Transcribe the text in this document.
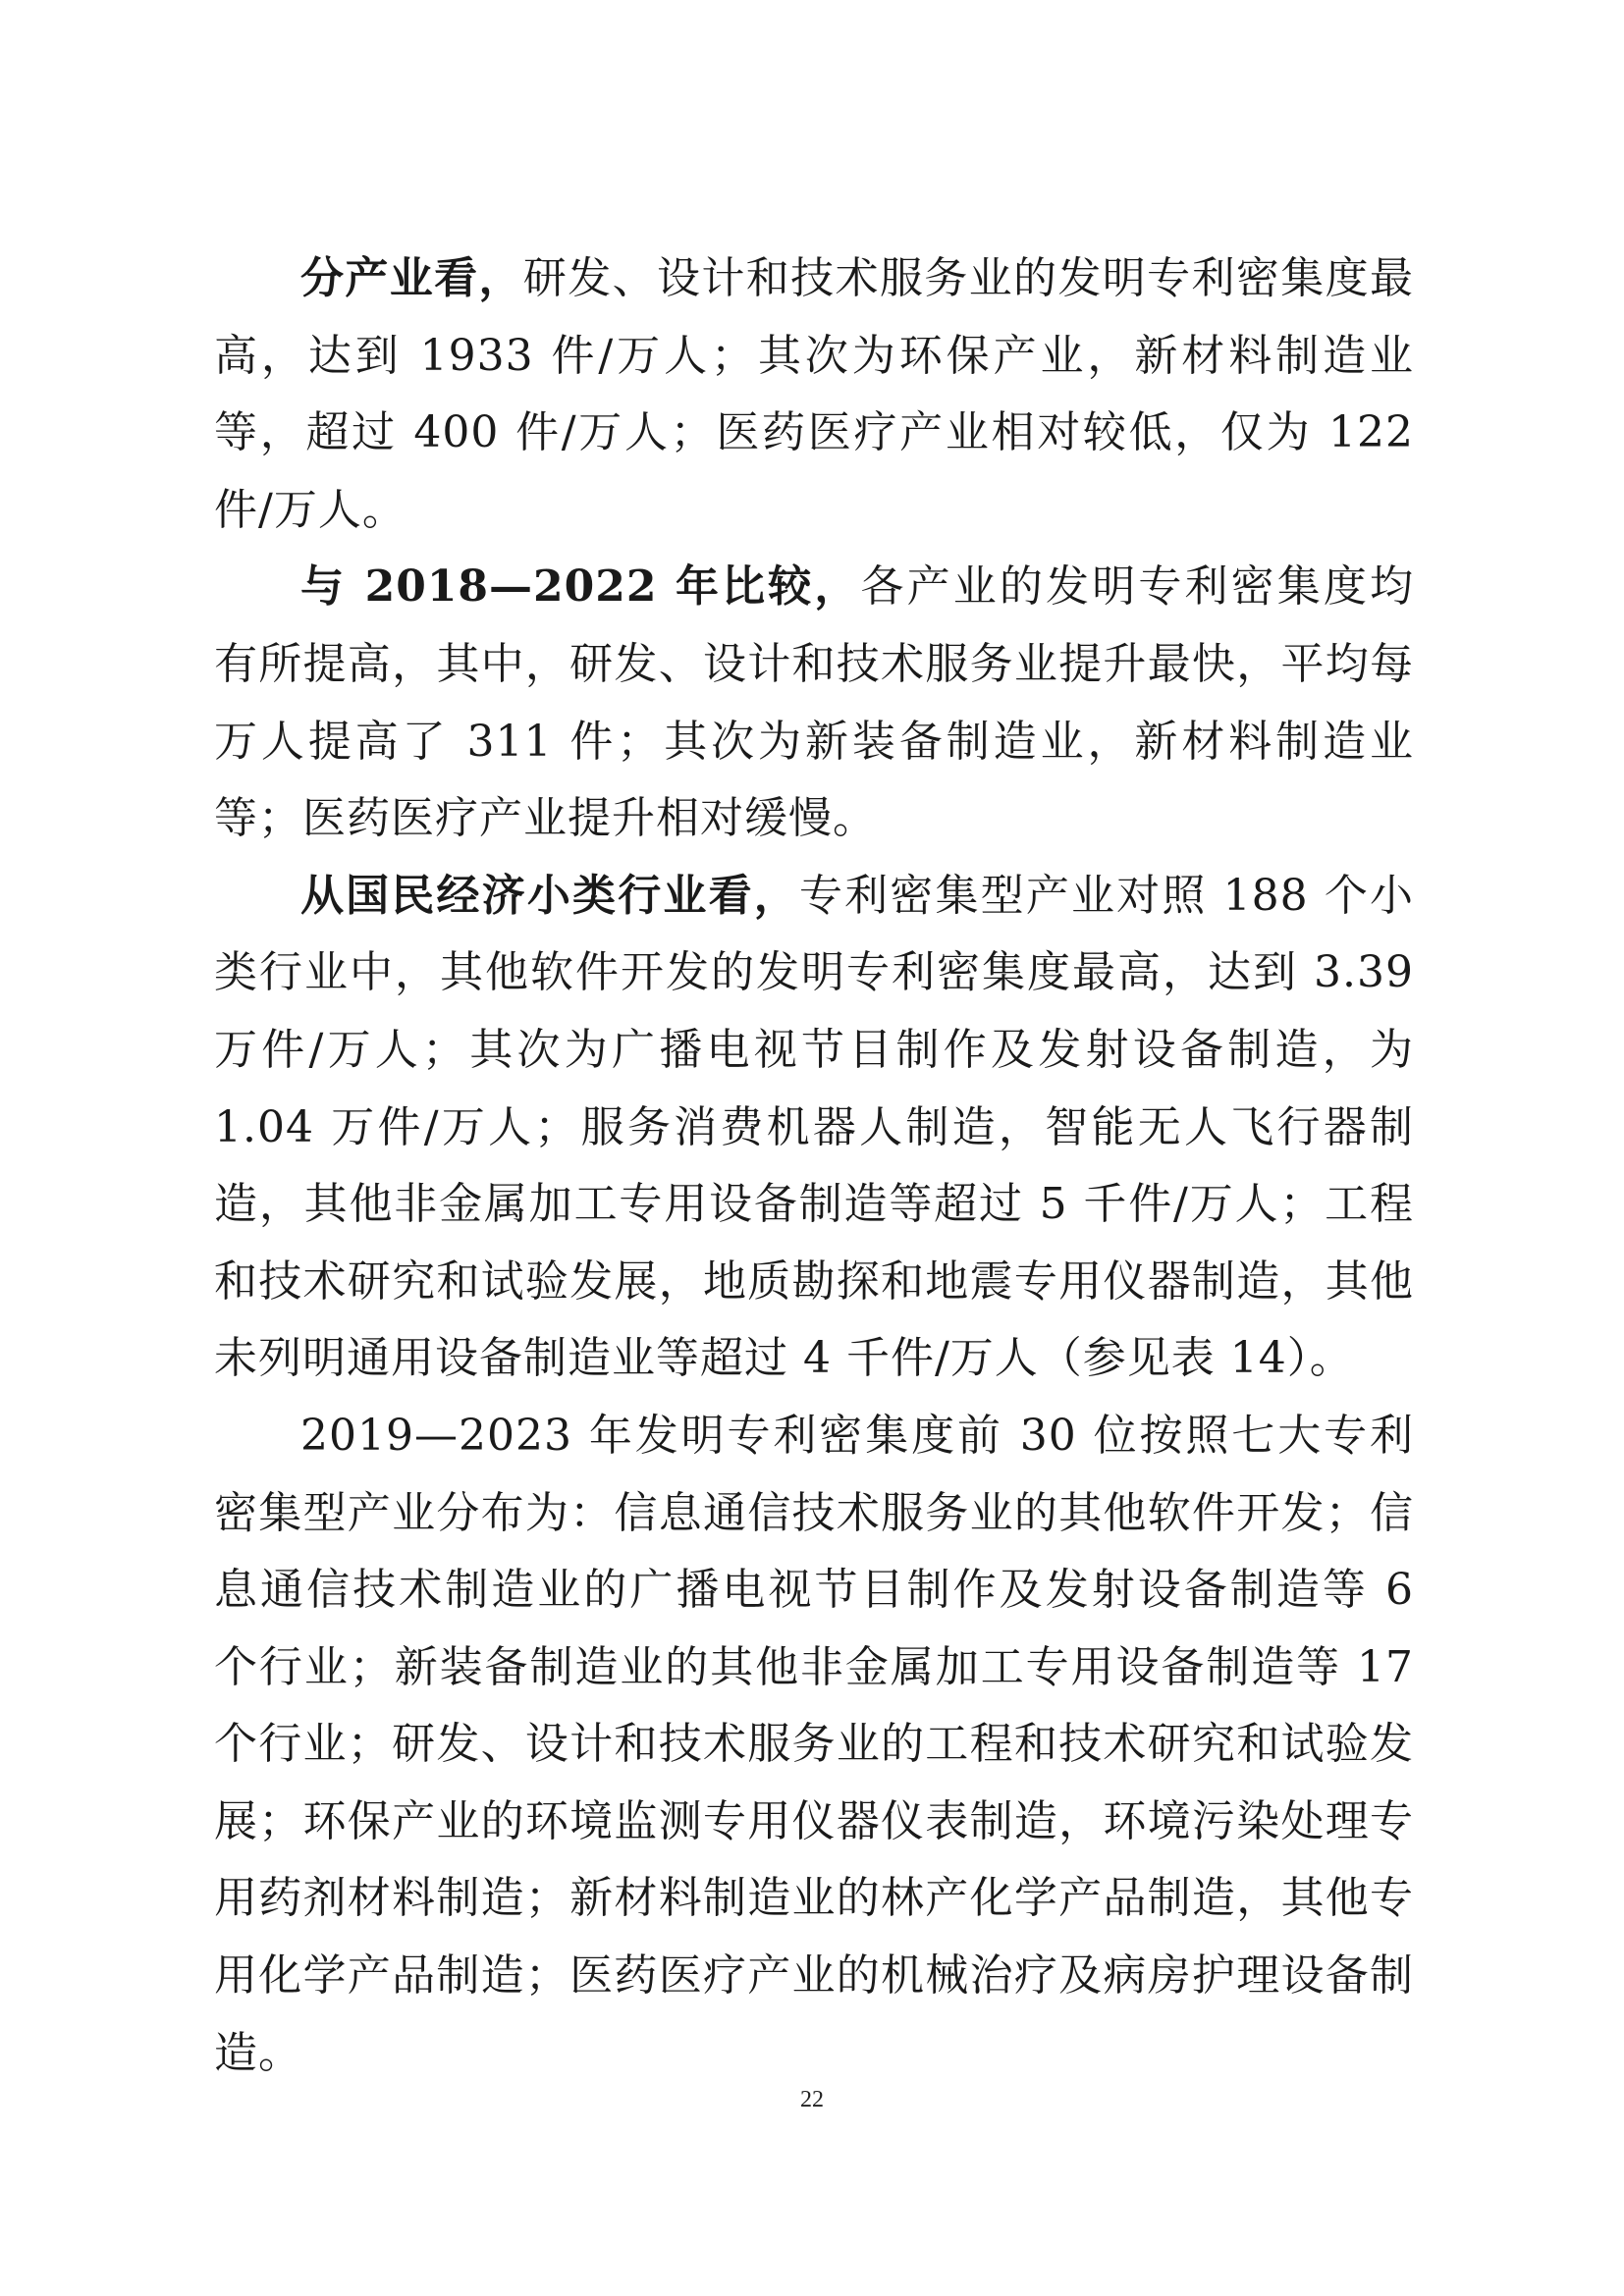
分产业看，研发、设计和技术服务业的发明专利密集度最高，达到 1933 件/万人；其次为环保产业，新材料制造业等，超过 400 件/万人；医药医疗产业相对较低，仅为 122 件/万人。

与 2018—2022 年比较，各产业的发明专利密集度均有所提高，其中，研发、设计和技术服务业提升最快，平均每万人提高了 311 件；其次为新装备制造业，新材料制造业等；医药医疗产业提升相对缓慢。

从国民经济小类行业看，专利密集型产业对照 188 个小类行业中，其他软件开发的发明专利密集度最高，达到 3.39 万件/万人；其次为广播电视节目制作及发射设备制造，为 1.04 万件/万人；服务消费机器人制造，智能无人飞行器制造，其他非金属加工专用设备制造等超过 5 千件/万人；工程和技术研究和试验发展，地质勘探和地震专用仪器制造，其他未列明通用设备制造业等超过 4 千件/万人（参见表 14）。

2019—2023 年发明专利密集度前 30 位按照七大专利密集型产业分布为：信息通信技术服务业的其他软件开发；信息通信技术制造业的广播电视节目制作及发射设备制造等 6 个行业；新装备制造业的其他非金属加工专用设备制造等 17 个行业；研发、设计和技术服务业的工程和技术研究和试验发展；环保产业的环境监测专用仪器仪表制造，环境污染处理专用药剂材料制造；新材料制造业的林产化学产品制造，其他专用化学产品制造；医药医疗产业的机械治疗及病房护理设备制造。

22
